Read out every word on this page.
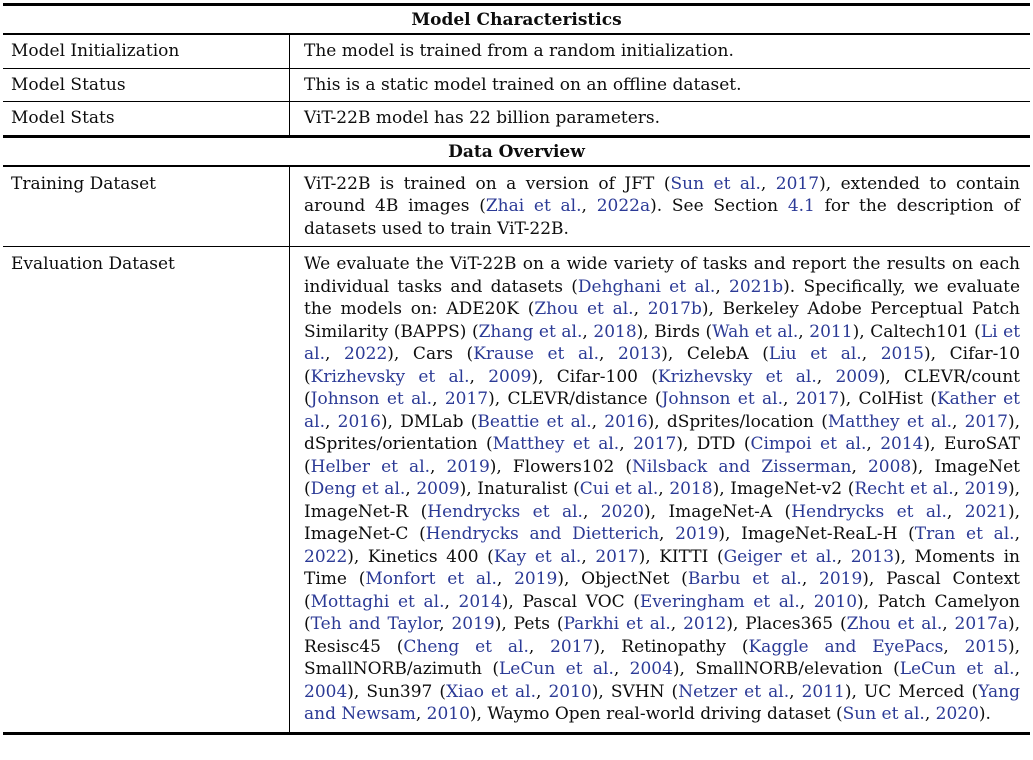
Model Characteristics
Model Initialization	The model is trained from a random initialization.

Model Status	This is a static model trained on an offline dataset.

Model Stats	ViT-22B model has 22 billion parameters.

Data Overview
Training Dataset	ViT-22B is trained on a version of JFT (Sun et al., 2017), extended to contain around 4B images (Zhai et al., 2022a). See Section 4.1 for the description of datasets used to train ViT-22B.

Evaluation Dataset	We evaluate the ViT-22B on a wide variety of tasks and report the results on each individual tasks and datasets (Dehghani et al., 2021b). Specifically, we evaluate the models on: ADE20K (Zhou et al., 2017b), Berkeley Adobe Perceptual Patch Similarity (BAPPS) (Zhang et al., 2018), Birds (Wah et al., 2011), Caltech101 (Li et al., 2022), Cars (Krause et al., 2013), CelebA (Liu et al., 2015), Cifar-10 (Krizhevsky et al., 2009), Cifar-100 (Krizhevsky et al., 2009), CLEVR/count (Johnson et al., 2017), CLEVR/distance (Johnson et al., 2017), ColHist (Kather et al., 2016), DMLab (Beattie et al., 2016), dSprites/location (Matthey et al., 2017), dSprites/orientation (Matthey et al., 2017), DTD (Cimpoi et al., 2014), EuroSAT (Helber et al., 2019), Flowers102 (Nilsback and Zisserman, 2008), ImageNet (Deng et al., 2009), Inaturalist (Cui et al., 2018), ImageNet-v2 (Recht et al., 2019), ImageNet-R (Hendrycks et al., 2020), ImageNet-A (Hendrycks et al., 2021), ImageNet-C (Hendrycks and Dietterich, 2019), ImageNet-ReaL-H (Tran et al., 2022), Kinetics 400 (Kay et al., 2017), KITTI (Geiger et al., 2013), Moments in Time (Monfort et al., 2019), ObjectNet (Barbu et al., 2019), Pascal Context (Mottaghi et al., 2014), Pascal VOC (Everingham et al., 2010), Patch Camelyon (Teh and Taylor, 2019), Pets (Parkhi et al., 2012), Places365 (Zhou et al., 2017a), Resisc45 (Cheng et al., 2017), Retinopathy (Kaggle and EyePacs, 2015), SmallNORB/azimuth (LeCun et al., 2004), SmallNORB/elevation (LeCun et al., 2004), Sun397 (Xiao et al., 2010), SVHN (Netzer et al., 2011), UC Merced (Yang and Newsam, 2010), Waymo Open real-world driving dataset (Sun et al., 2020).
